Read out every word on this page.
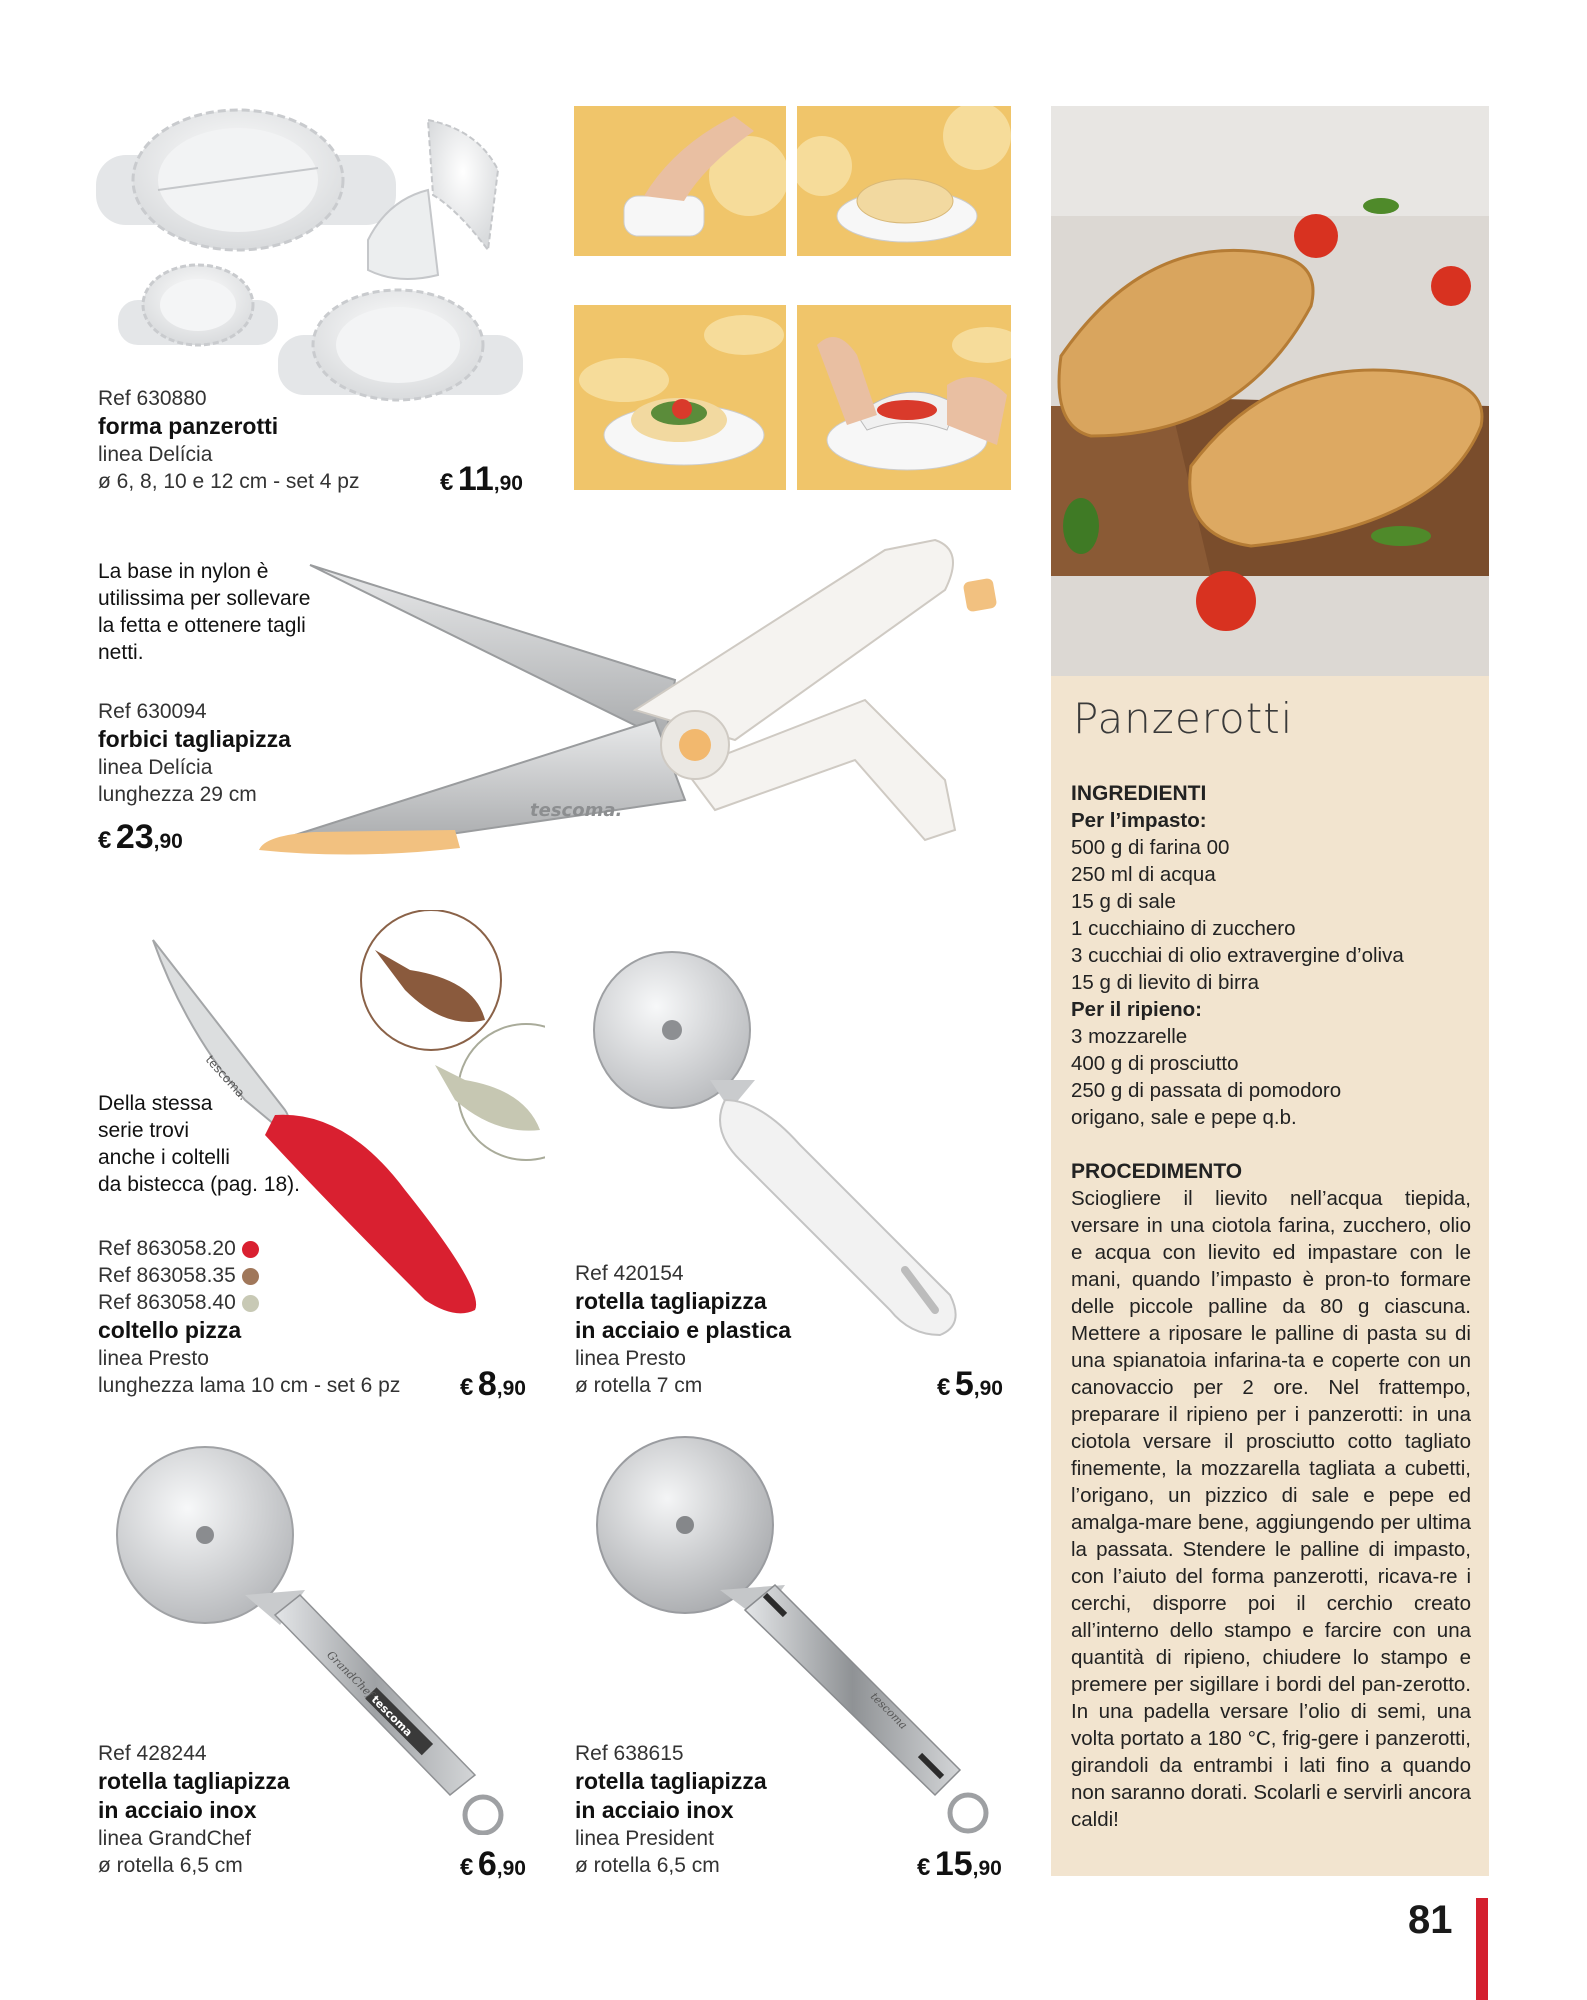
Ref 630880
forma panzerotti
linea Delícia
ø 6, 8, 10 e 12 cm - set 4 pz	€ 11,90
Panzerotti
INGREDIENTI
Per l’impasto:
500 g di farina 00
250 ml di acqua
15 g di sale
1 cucchiaino di zucchero
3 cucchiai di olio extravergine d’oliva
15 g di lievito di birra
Per il ripieno:
3 mozzarelle
400 g di prosciutto
250 g di passata di pomodoro
origano, sale e pepe q.b.
PROCEDIMENTO
Sciogliere il lievito nell’acqua tiepida, versare in una ciotola farina, zucchero, olio e acqua con lievito ed impastare con le mani, quando l’impasto è pron-to formare delle piccole palline da 80 g ciascuna. Mettere a riposare le palline di pasta su di una spianatoia infarina-ta e coperte con un canovaccio per 2 ore. Nel frattempo, preparare il ripieno per i panzerotti: in una ciotola versare il prosciutto cotto tagliato finemente, la mozzarella tagliata a cubetti, l’origano, un pizzico di sale e pepe ed amalga-mare bene, aggiungendo per ultima la passata. Stendere le palline di impasto, con l’aiuto del forma panzerotti, ricava-re i cerchi, disporre poi il cerchio creato all’interno dello stampo e farcire con una quantità di ripieno, chiudere lo stampo e premere per sigillare i bordi del pan-zerotto. In una padella versare l’olio di semi, una volta portato a 180 °C, frig-gere i panzerotti, girandoli da entrambi i lati fino a quando non saranno dorati. Scolarli e servirli ancora caldi!
La base in nylon è
utilissima per sollevare
la fetta e ottenere tagli
netti.
tescoma.
Ref 630094
forbici tagliapizza
linea Delícia
lunghezza 29 cm
€ 23,90
tescoma.
Della stessa
serie trovi
anche i coltelli
da bistecca (pag. 18).
Ref 863058.20
Ref 863058.35
Ref 863058.40
coltello pizza
linea Presto
lunghezza lama 10 cm - set 6 pz	€ 8,90
Ref 420154
rotella tagliapizza
in acciaio e plastica
linea Presto
ø rotella 7 cm	€ 5,90
tescoma
GrandChef
Ref 428244
rotella tagliapizza
in acciaio inox
linea GrandChef
ø rotella 6,5 cm	€ 6,90
tescoma
Ref 638615
rotella tagliapizza
in acciaio inox
linea President
ø rotella 6,5 cm	€ 15,90
81
